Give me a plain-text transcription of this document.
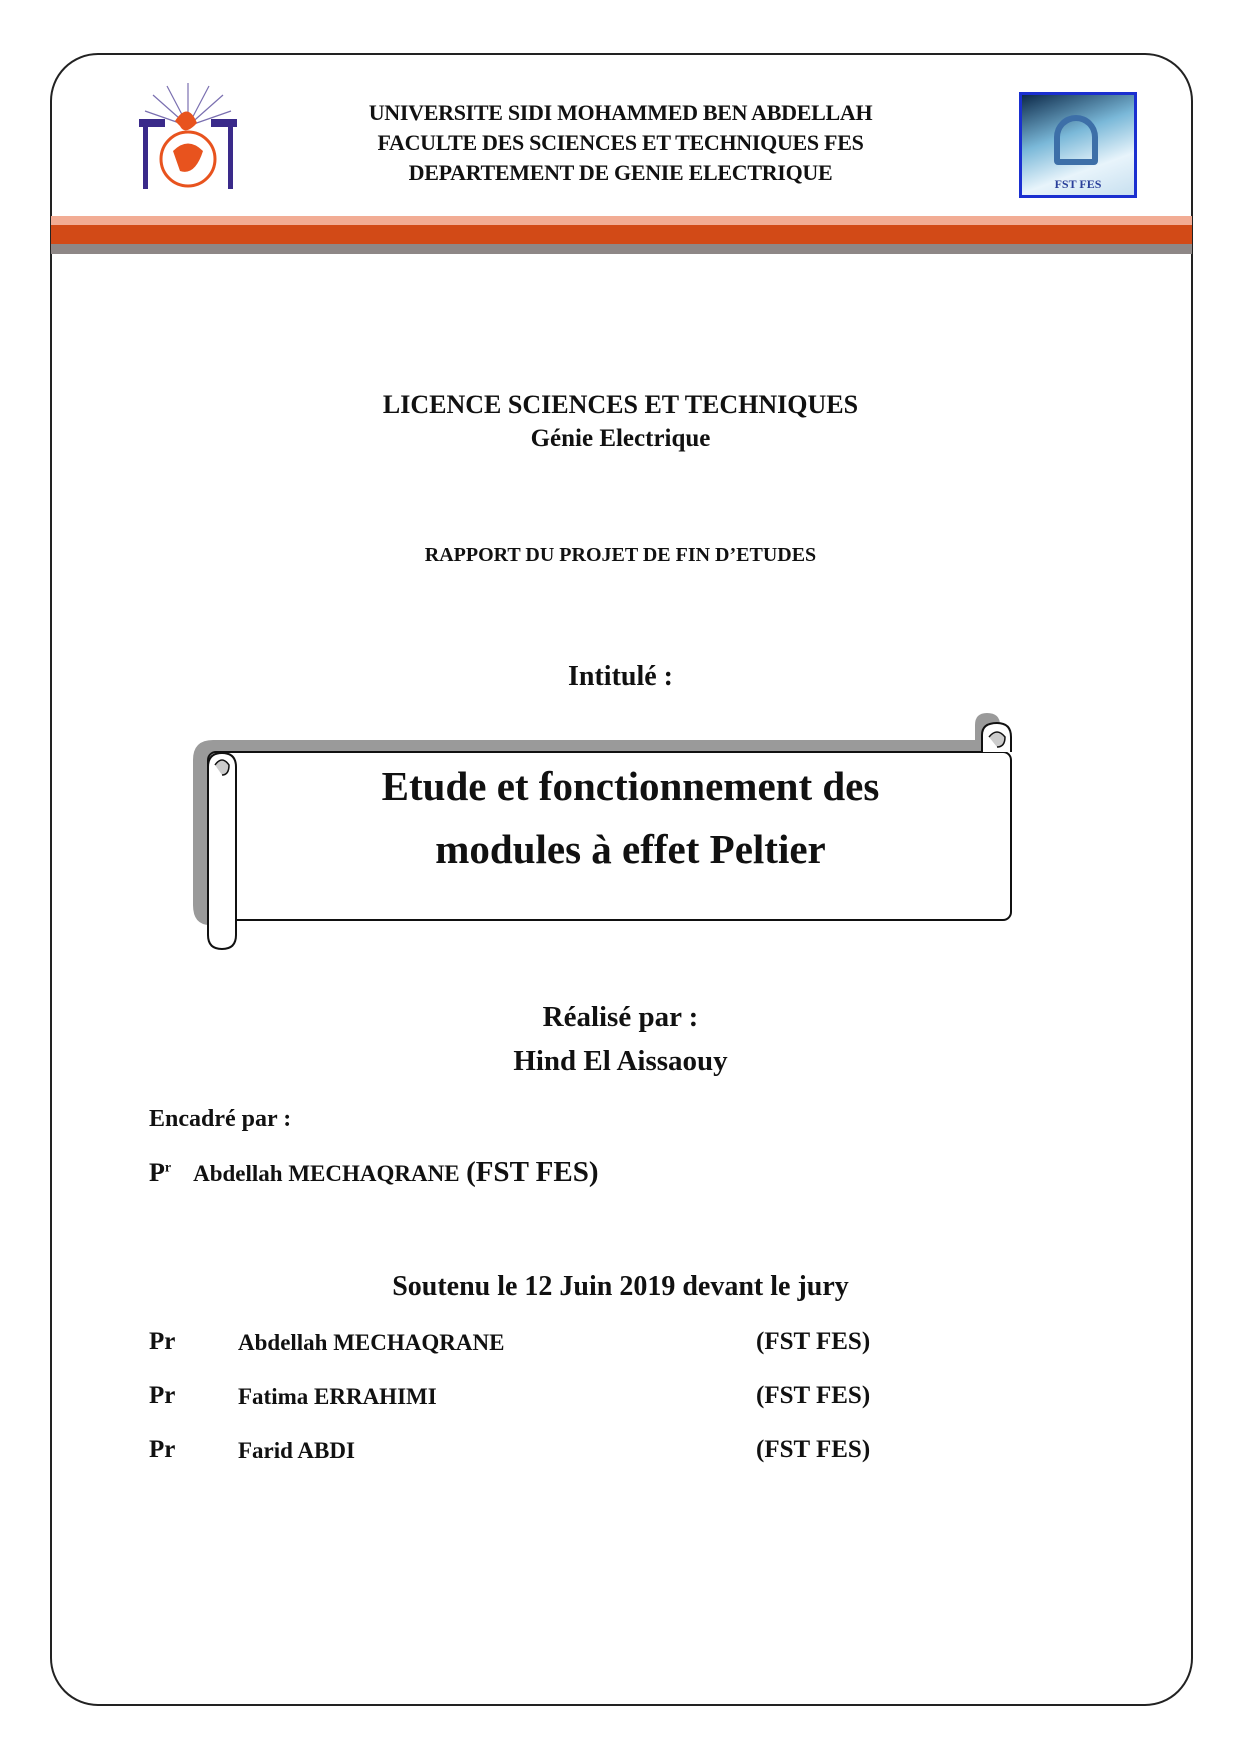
UNIVERSITE SIDI MOHAMMED BEN ABDELLAH
FACULTE DES SCIENCES ET TECHNIQUES FES
DEPARTEMENT DE GENIE ELECTRIQUE	FST FES
LICENCE SCIENCES ET TECHNIQUES
Génie Electrique
RAPPORT DU PROJET DE FIN D’ETUDES
Intitulé :
Etude et fonctionnement des
modules à effet Peltier
Réalisé par :
Hind El Aissaouy
Encadré par :
$P^r$ Abdellah MECHAQRANE (FST FES)
Soutenu le 12 Juin 2019 devant le jury
Pr	Abdellah MECHAQRANE	(FST FES)
Pr	Fatima ERRAHIMI	(FST FES)
Pr	Farid ABDI	(FST FES)
